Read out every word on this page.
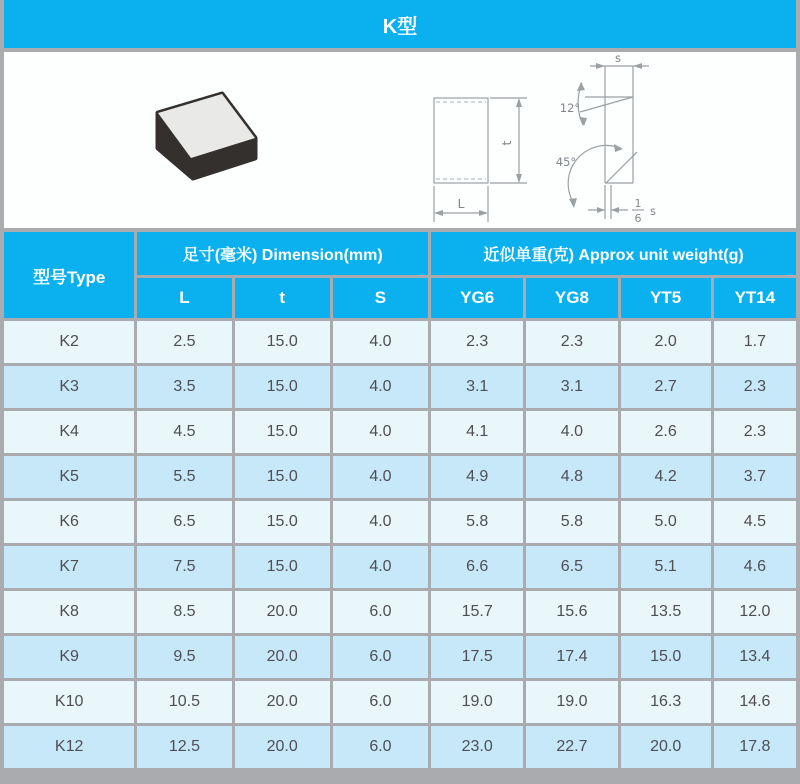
K型
t
L
s
12°
45°
1
6
s
型号Type
足寸(毫米) Dimension(mm)	近似单重(克) Approx unit weight(g)
L	t	S	YG6	YG8	YT5	YT14
K2	2.5	15.0	4.0	2.3	2.3	2.0	1.7
K3	3.5	15.0	4.0	3.1	3.1	2.7	2.3
K4	4.5	15.0	4.0	4.1	4.0	2.6	2.3
K5	5.5	15.0	4.0	4.9	4.8	4.2	3.7
K6	6.5	15.0	4.0	5.8	5.8	5.0	4.5
K7	7.5	15.0	4.0	6.6	6.5	5.1	4.6
K8	8.5	20.0	6.0	15.7	15.6	13.5	12.0
K9	9.5	20.0	6.0	17.5	17.4	15.0	13.4
K10	10.5	20.0	6.0	19.0	19.0	16.3	14.6
K12	12.5	20.0	6.0	23.0	22.7	20.0	17.8
